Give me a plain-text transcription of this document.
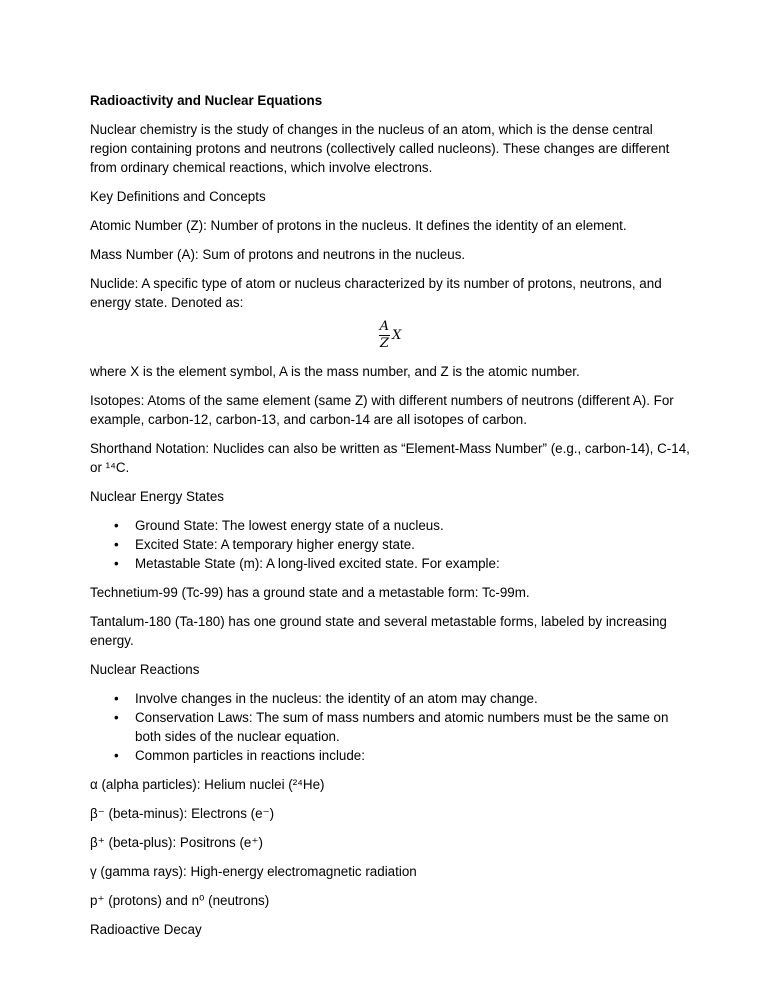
Radioactivity and Nuclear Equations

Nuclear chemistry is the study of changes in the nucleus of an atom, which is the dense central region containing protons and neutrons (collectively called nucleons). These changes are different from ordinary chemical reactions, which involve electrons.

Key Definitions and Concepts

Atomic Number (Z): Number of protons in the nucleus. It defines the identity of an element.

Mass Number (A): Sum of protons and neutrons in the nucleus.

Nuclide: A specific type of atom or nucleus characterized by its number of protons, neutrons, and energy state. Denoted as:

$\frac{A}{Z}$ X

where X is the element symbol, A is the mass number, and Z is the atomic number.

Isotopes: Atoms of the same element (same Z) with different numbers of neutrons (different A). For example, carbon-12, carbon-13, and carbon-14 are all isotopes of carbon.

Shorthand Notation: Nuclides can also be written as “Element-Mass Number” (e.g., carbon-14), C-14, or ¹⁴C.

Nuclear Energy States

• Ground State: The lowest energy state of a nucleus.
• Excited State: A temporary higher energy state.
• Metastable State (m): A long-lived excited state. For example:

Technetium-99 (Tc-99) has a ground state and a metastable form: Tc-99m.

Tantalum-180 (Ta-180) has one ground state and several metastable forms, labeled by increasing energy.

Nuclear Reactions

• Involve changes in the nucleus: the identity of an atom may change.
• Conservation Laws: The sum of mass numbers and atomic numbers must be the same on both sides of the nuclear equation.
• Common particles in reactions include:

α (alpha particles): Helium nuclei (²⁴He)

β⁻ (beta-minus): Electrons (e⁻)

β⁺ (beta-plus): Positrons (e⁺)

γ (gamma rays): High-energy electromagnetic radiation

p⁺ (protons) and n⁰ (neutrons)

Radioactive Decay
